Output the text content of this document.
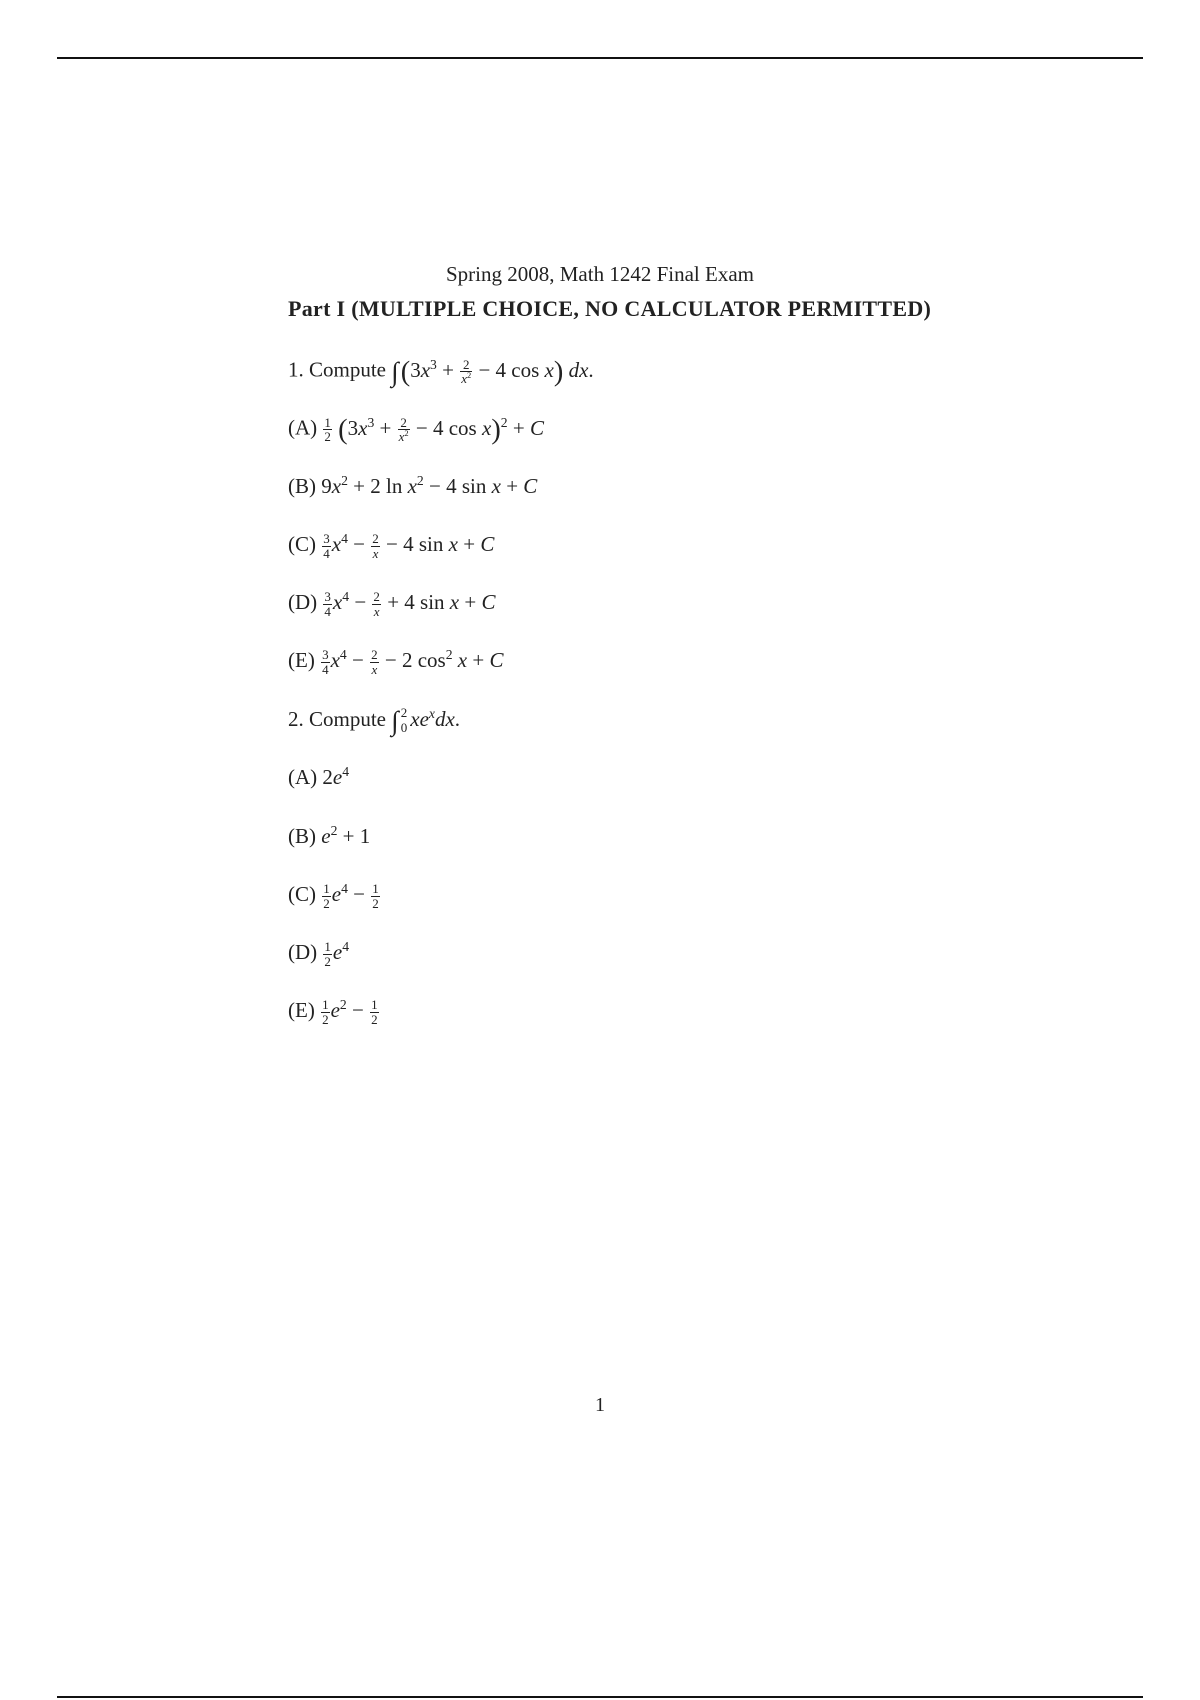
Spring 2008, Math 1242 Final Exam
Part I (MULTIPLE CHOICE, NO CALCULATOR PERMITTED)
1. Compute $\int(3x^3 + \frac{2}{x^2} - 4$ cos x) dx.
$(A) \frac{1}{2} (3x^3 + \frac{2}{x^2} - 4$ cos x)$^2$ + C
(B) $9x^2 + 2$ $\ln x^2 - 4$ sin x + C
$(C) \frac{3}{4} x^4 - \frac{2}{x} - 4$ sin x + C
$(D) \frac{3}{4} x^4 - \frac{2}{x} + 4$ sin x + C
$(E) \frac{3}{4} x^4 - \frac{2}{x} - 2$ $\cos^2 x + C$
2. Compute ∫ 2
0 $xe^xdx$.
(A) $2e^4$
(B) $e^2 + 1$
$(C) \frac{1}{2} e^4 - \frac{1}{2}$
$(D) \frac{1}{2} e^4$
$(E) \frac{1}{2} e^2 - \frac{1}{2}$
1
